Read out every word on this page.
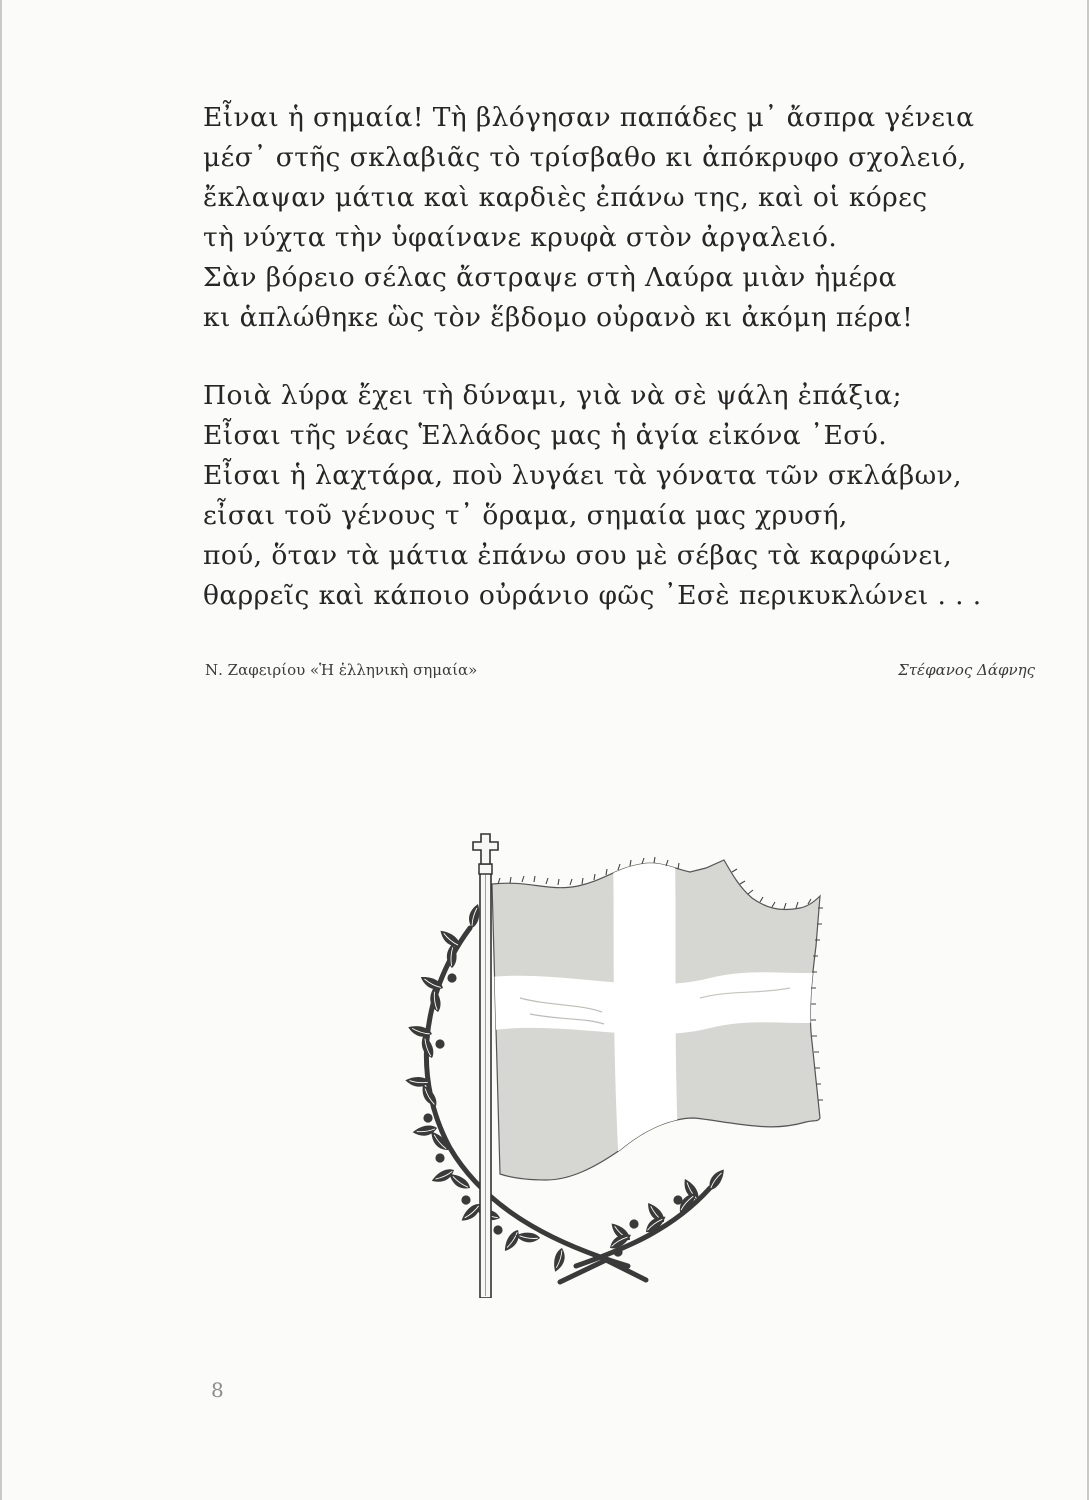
Εἶναι ἡ σημαία! Τὴ βλόγησαν παπάδες μ᾽ ἄσπρα γένεια
μέσ᾽ στῆς σκλαβιᾶς τὸ τρίσβαθο κι ἀπόκρυφο σχολειό,
ἔκλαψαν μάτια καὶ καρδιὲς ἐπάνω της, καὶ οἱ κόρες
τὴ νύχτα τὴν ὑφαίνανε κρυφὰ στὸν ἀργαλειό.
Σὰν βόρειο σέλας ἄστραψε στὴ Λαύρα μιὰν ἡμέρα
κι ἁπλώθηκε ὣς τὸν ἕβδομο οὐρανὸ κι ἀκόμη πέρα!
Ποιὰ λύρα ἔχει τὴ δύναμι, γιὰ νὰ σὲ ψάλη ἐπάξια;
Εἶσαι τῆς νέας Ἑλλάδος μας ἡ ἁγία εἰκόνα ᾽Εσύ.
Εἶσαι ἡ λαχτάρα, ποὺ λυγάει τὰ γόνατα τῶν σκλάβων,
εἶσαι τοῦ γένους τ᾽ ὅραμα, σημαία μας χρυσή,
πού, ὅταν τὰ μάτια ἐπάνω σου μὲ σέβας τὰ καρφώνει,
θαρρεῖς καὶ κάποιο οὐράνιο φῶς ᾽Εσὲ περικυκλώνει . . .
Ν. Ζαφειρίου «Ἡ ἑλληνικὴ σημαία»	Στέφανος Δάφνης
8
